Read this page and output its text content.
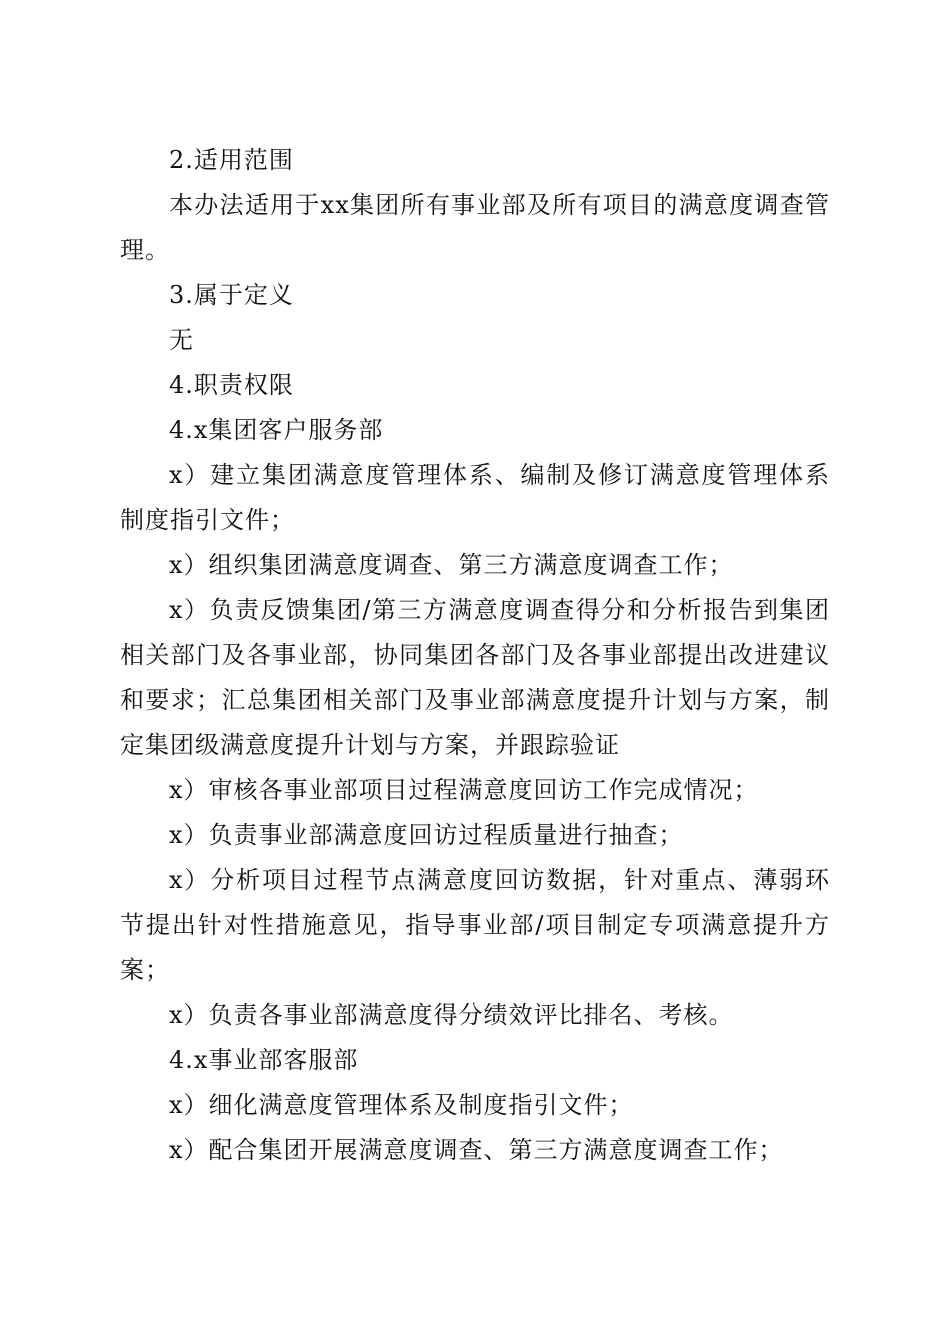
2.适用范围

本办法适用于xx集团所有事业部及所有项目的满意度调查管理。

3.属于定义

无

4.职责权限

4.x集团客户服务部

x）建立集团满意度管理体系、编制及修订满意度管理体系制度指引文件；

x）组织集团满意度调查、第三方满意度调查工作；

x）负责反馈集团/第三方满意度调查得分和分析报告到集团相关部门及各事业部，协同集团各部门及各事业部提出改进建议和要求；汇总集团相关部门及事业部满意度提升计划与方案，制定集团级满意度提升计划与方案，并跟踪验证

x）审核各事业部项目过程满意度回访工作完成情况；

x）负责事业部满意度回访过程质量进行抽查；

x）分析项目过程节点满意度回访数据，针对重点、薄弱环节提出针对性措施意见，指导事业部/项目制定专项满意提升方案；

x）负责各事业部满意度得分绩效评比排名、考核。

4.x事业部客服部

x）细化满意度管理体系及制度指引文件；

x）配合集团开展满意度调查、第三方满意度调查工作；
